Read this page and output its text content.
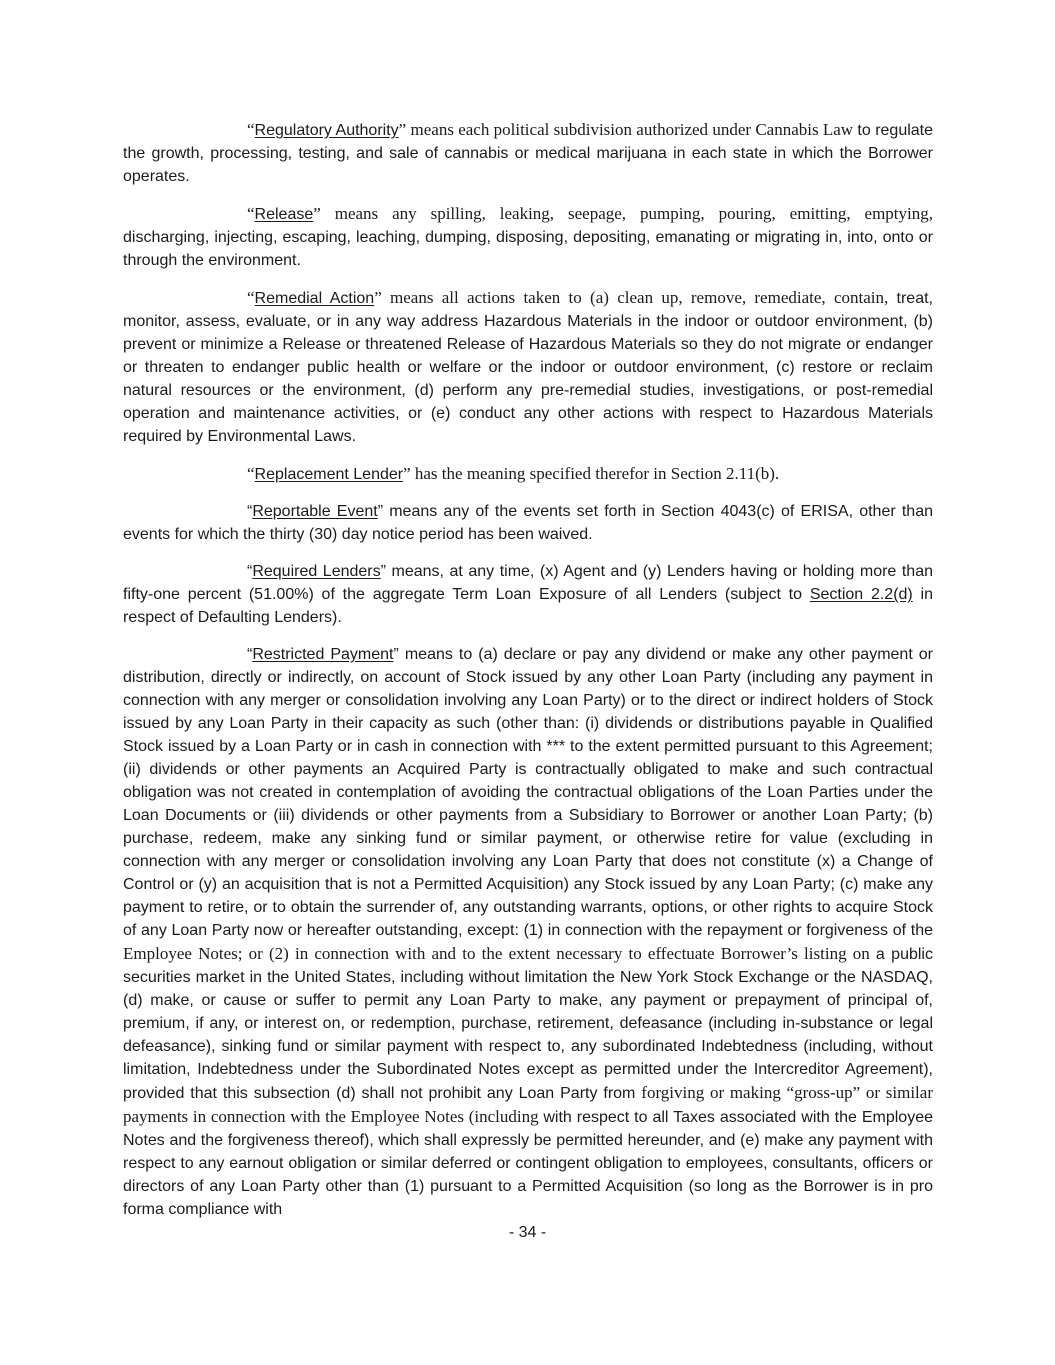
“Regulatory Authority” means each political subdivision authorized under Cannabis Law to regulate the growth, processing, testing, and sale of cannabis or medical marijuana in each state in which the Borrower operates.

“Release” means any spilling, leaking, seepage, pumping, pouring, emitting, emptying, discharging, injecting, escaping, leaching, dumping, disposing, depositing, emanating or migrating in, into, onto or through the environment.

“Remedial Action” means all actions taken to (a) clean up, remove, remediate, contain, treat, monitor, assess, evaluate, or in any way address Hazardous Materials in the indoor or outdoor environment, (b) prevent or minimize a Release or threatened Release of Hazardous Materials so they do not migrate or endanger or threaten to endanger public health or welfare or the indoor or outdoor environment, (c) restore or reclaim natural resources or the environment, (d) perform any pre-remedial studies, investigations, or post-remedial operation and maintenance activities, or (e) conduct any other actions with respect to Hazardous Materials required by Environmental Laws.

“Replacement Lender” has the meaning specified therefor in Section 2.11(b).

“Reportable Event” means any of the events set forth in Section 4043(c) of ERISA, other than events for which the thirty (30) day notice period has been waived.

“Required Lenders” means, at any time, (x) Agent and (y) Lenders having or holding more than fifty-one percent (51.00%) of the aggregate Term Loan Exposure of all Lenders (subject to Section 2.2(d) in respect of Defaulting Lenders).

“Restricted Payment” means to (a) declare or pay any dividend or make any other payment or distribution, directly or indirectly, on account of Stock issued by any other Loan Party (including any payment in connection with any merger or consolidation involving any Loan Party) or to the direct or indirect holders of Stock issued by any Loan Party in their capacity as such (other than: (i) dividends or distributions payable in Qualified Stock issued by a Loan Party or in cash in connection with *** to the extent permitted pursuant to this Agreement; (ii) dividends or other payments an Acquired Party is contractually obligated to make and such contractual obligation was not created in contemplation of avoiding the contractual obligations of the Loan Parties under the Loan Documents or (iii) dividends or other payments from a Subsidiary to Borrower or another Loan Party; (b) purchase, redeem, make any sinking fund or similar payment, or otherwise retire for value (excluding in connection with any merger or consolidation involving any Loan Party that does not constitute (x) a Change of Control or (y) an acquisition that is not a Permitted Acquisition) any Stock issued by any Loan Party; (c) make any payment to retire, or to obtain the surrender of, any outstanding warrants, options, or other rights to acquire Stock of any Loan Party now or hereafter outstanding, except: (1) in connection with the repayment or forgiveness of the Employee Notes; or (2) in connection with and to the extent necessary to effectuate Borrower’s listing on a public securities market in the United States, including without limitation the New York Stock Exchange or the NASDAQ, (d) make, or cause or suffer to permit any Loan Party to make, any payment or prepayment of principal of, premium, if any, or interest on, or redemption, purchase, retirement, defeasance (including in-substance or legal defeasance), sinking fund or similar payment with respect to, any subordinated Indebtedness (including, without limitation, Indebtedness under the Subordinated Notes except as permitted under the Intercreditor Agreement), provided that this subsection (d) shall not prohibit any Loan Party from forgiving or making “gross-up” or similar payments in connection with the Employee Notes (including with respect to all Taxes associated with the Employee Notes and the forgiveness thereof), which shall expressly be permitted hereunder, and (e) make any payment with respect to any earnout obligation or similar deferred or contingent obligation to employees, consultants, officers or directors of any Loan Party other than (1) pursuant to a Permitted Acquisition (so long as the Borrower is in pro forma compliance with

- 34 -
